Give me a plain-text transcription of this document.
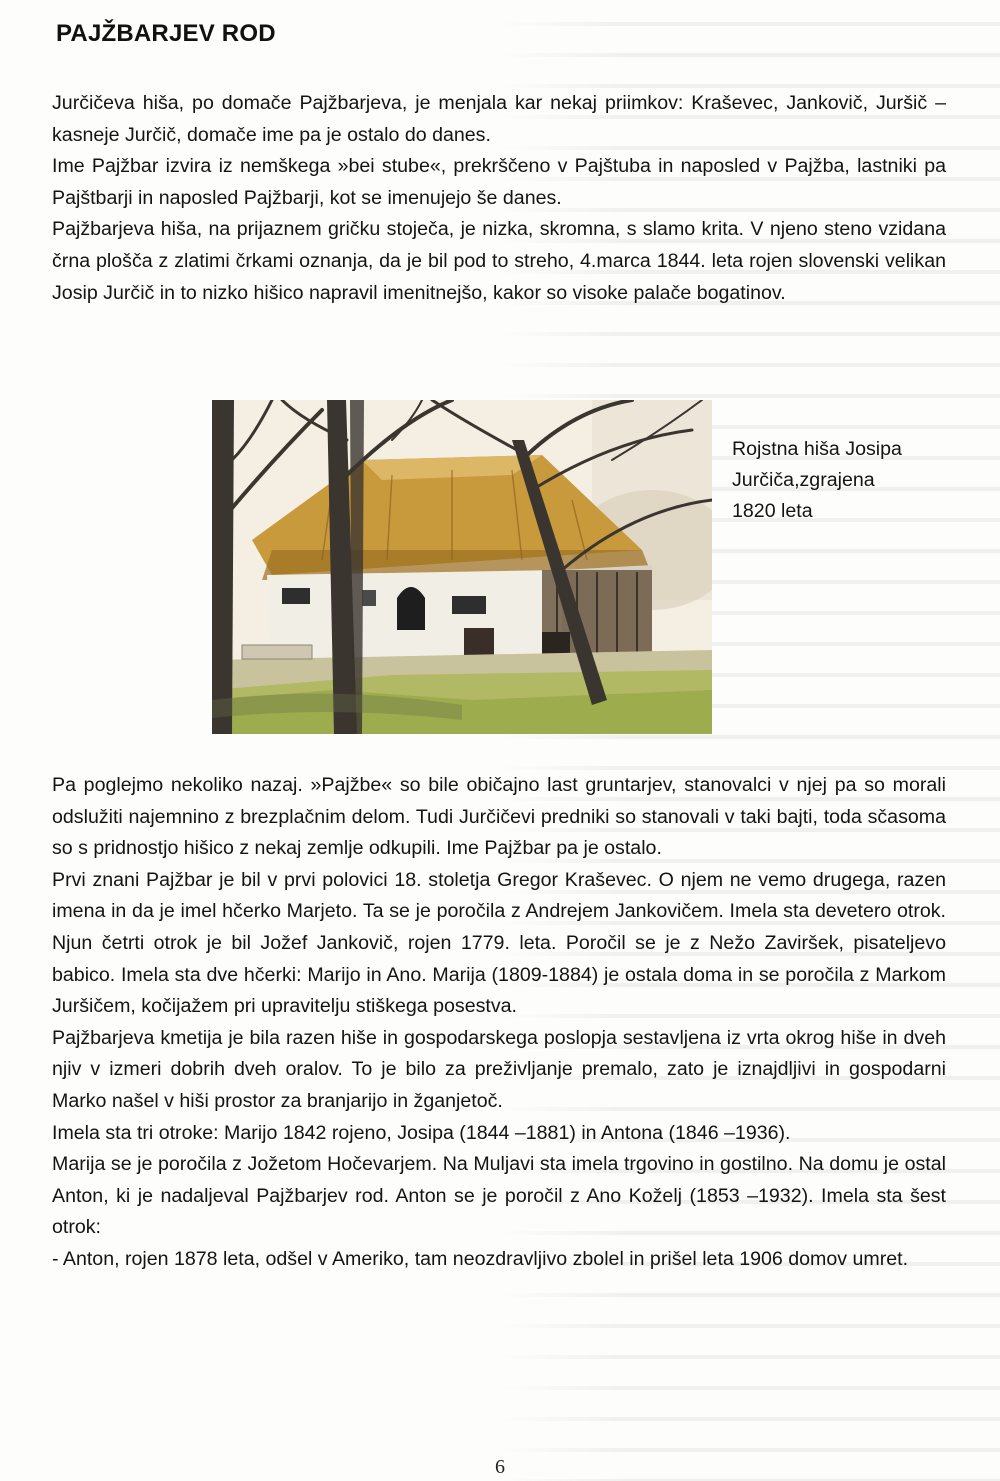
PAJŽBARJEV ROD

Jurčičeva hiša, po domače Pajžbarjeva, je menjala kar nekaj priimkov: Kraševec, Jankovič, Juršič – kasneje Jurčič, domače ime pa je ostalo do danes.

Ime Pajžbar izvira iz nemškega »bei stube«, prekrščeno v Pajštuba in naposled v Pajžba, lastniki pa Pajštbarji in naposled Pajžbarji, kot se imenujejo še danes.

Pajžbarjeva hiša, na prijaznem gričku stoječa, je nizka, skromna, s slamo krita. V njeno steno vzidana črna plošča z zlatimi črkami oznanja, da je bil pod to streho, 4.marca 1844. leta rojen slovenski velikan Josip Jurčič in to nizko hišico napravil imenitnejšo, kakor so visoke palače bogatinov.

Rojstna hiša Josipa
Jurčiča,zgrajena
1820 leta

Pa poglejmo nekoliko nazaj. »Pajžbe« so bile običajno last gruntarjev, stanovalci v njej pa so morali odslužiti najemnino z brezplačnim delom. Tudi Jurčičevi predniki so stanovali v taki bajti, toda sčasoma so s pridnostjo hišico z nekaj zemlje odkupili. Ime Pajžbar pa je ostalo.

Prvi znani Pajžbar je bil v prvi polovici 18. stoletja Gregor Kraševec. O njem ne vemo drugega, razen imena in da je imel hčerko Marjeto. Ta se je poročila z Andrejem Jankovičem. Imela sta devetero otrok. Njun četrti otrok je bil Jožef Jankovič, rojen 1779. leta. Poročil se je z Nežo Zaviršek, pisateljevo babico. Imela sta dve hčerki: Marijo in Ano. Marija (1809-1884) je ostala doma in se poročila z Markom Juršičem, kočijažem pri upravitelju stiškega posestva.

Pajžbarjeva kmetija je bila razen hiše in gospodarskega poslopja sestavljena iz vrta okrog hiše in dveh njiv v izmeri dobrih dveh oralov. To je bilo za preživljanje premalo, zato je iznajdljivi in gospodarni Marko našel v hiši prostor za branjarijo in žganjetoč.

Imela sta tri otroke: Marijo 1842 rojeno, Josipa (1844 –1881) in Antona (1846 –1936).

Marija se je poročila z Jožetom Hočevarjem. Na Muljavi sta imela trgovino in gostilno. Na domu je ostal Anton, ki je nadaljeval Pajžbarjev rod. Anton se je poročil z Ano Koželj (1853 –1932). Imela sta šest otrok:

- Anton, rojen 1878 leta, odšel v Ameriko, tam neozdravljivo zbolel in prišel leta 1906 domov umret.

6
